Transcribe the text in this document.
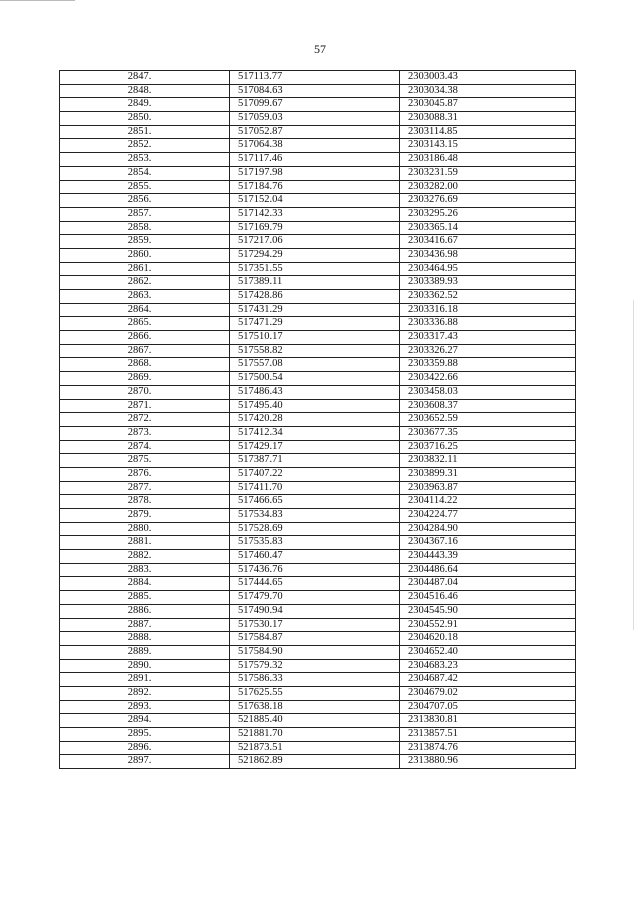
57
2847.	517113.77	2303003.43
2848.	517084.63	2303034.38
2849.	517099.67	2303045.87
2850.	517059.03	2303088.31
2851.	517052.87	2303114.85
2852.	517064.38	2303143.15
2853.	517117.46	2303186.48
2854.	517197.98	2303231.59
2855.	517184.76	2303282.00
2856.	517152.04	2303276.69
2857.	517142.33	2303295.26
2858.	517169.79	2303365.14
2859.	517217.06	2303416.67
2860.	517294.29	2303436.98
2861.	517351.55	2303464.95
2862.	517389.11	2303389.93
2863.	517428.86	2303362.52
2864.	517431.29	2303316.18
2865.	517471.29	2303336.88
2866.	517510.17	2303317.43
2867.	517558.82	2303326.27
2868.	517557.08	2303359.88
2869.	517500.54	2303422.66
2870.	517486.43	2303458.03
2871.	517495.40	2303608.37
2872.	517420.28	2303652.59
2873.	517412.34	2303677.35
2874.	517429.17	2303716.25
2875.	517387.71	2303832.11
2876.	517407.22	2303899.31
2877.	517411.70	2303963.87
2878.	517466.65	2304114.22
2879.	517534.83	2304224.77
2880.	517528.69	2304284.90
2881.	517535.83	2304367.16
2882.	517460.47	2304443.39
2883.	517436.76	2304486.64
2884.	517444.65	2304487.04
2885.	517479.70	2304516.46
2886.	517490.94	2304545.90
2887.	517530.17	2304552.91
2888.	517584.87	2304620.18
2889.	517584.90	2304652.40
2890.	517579.32	2304683.23
2891.	517586.33	2304687.42
2892.	517625.55	2304679.02
2893.	517638.18	2304707.05
2894.	521885.40	2313830.81
2895.	521881.70	2313857.51
2896.	521873.51	2313874.76
2897.	521862.89	2313880.96
